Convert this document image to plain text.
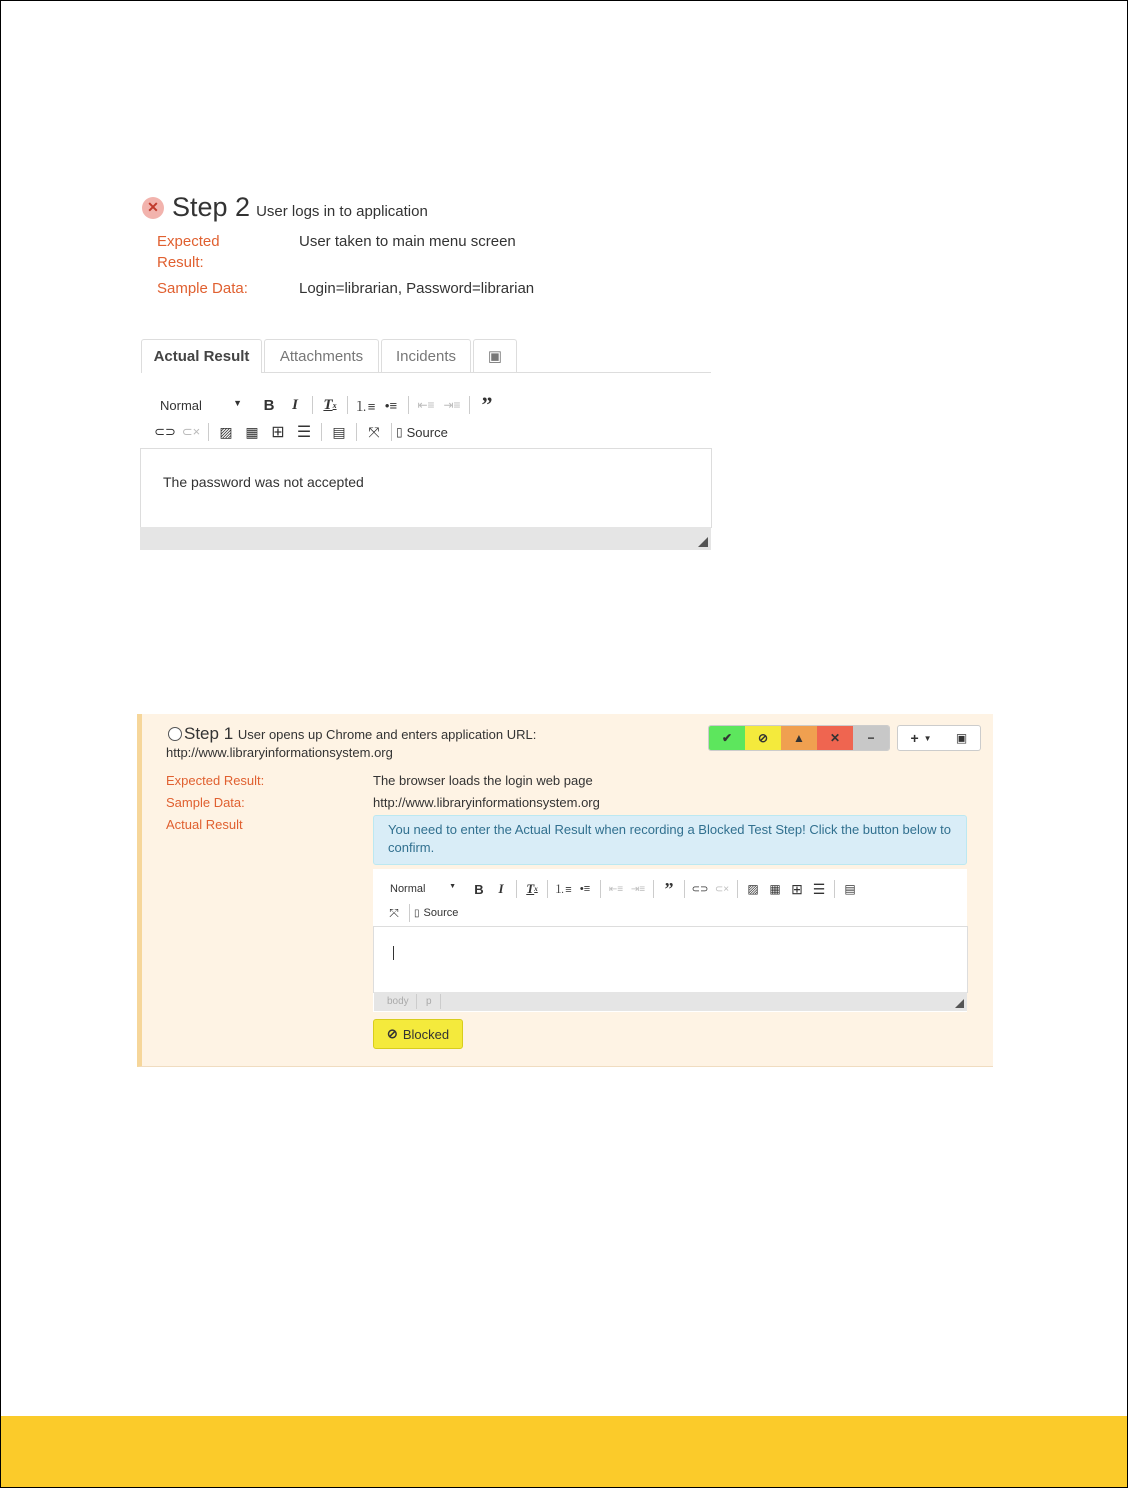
✕ Step 2 User logs in to application
Expected
Result:
User taken to main menu screen
Sample Data:	Login=librarian, Password=librarian
Actual Result	Attachments	Incidents	▣
Normal	▼	B	I	T x ⒈≡ •≡	⇤≡ ⇥≡ ”
⊂⊃ ⊂×	▨ ▦ ⊞ ☰	▤	⤧	▯ Source
The password was not accepted
Step 1 User opens up Chrome and enters application URL:
http://www.libraryinformationsystem.org
✔ ⊘ ▲ ✕ −	+ ▼ ▣
Expected Result:	The browser loads the login web page
Sample Data:	http://www.libraryinformationsystem.org
Actual Result	You need to enter the Actual Result when recording a Blocked Test Step! Click the button below to confirm.
Normal	▼	B	I	T x ⒈≡ •≡	⇤≡ ⇥≡	”	⊂⊃ ⊂×	▨ ▦ ⊞ ☰	▤
⤧	▯ Source
body p
⊘ Blocked
